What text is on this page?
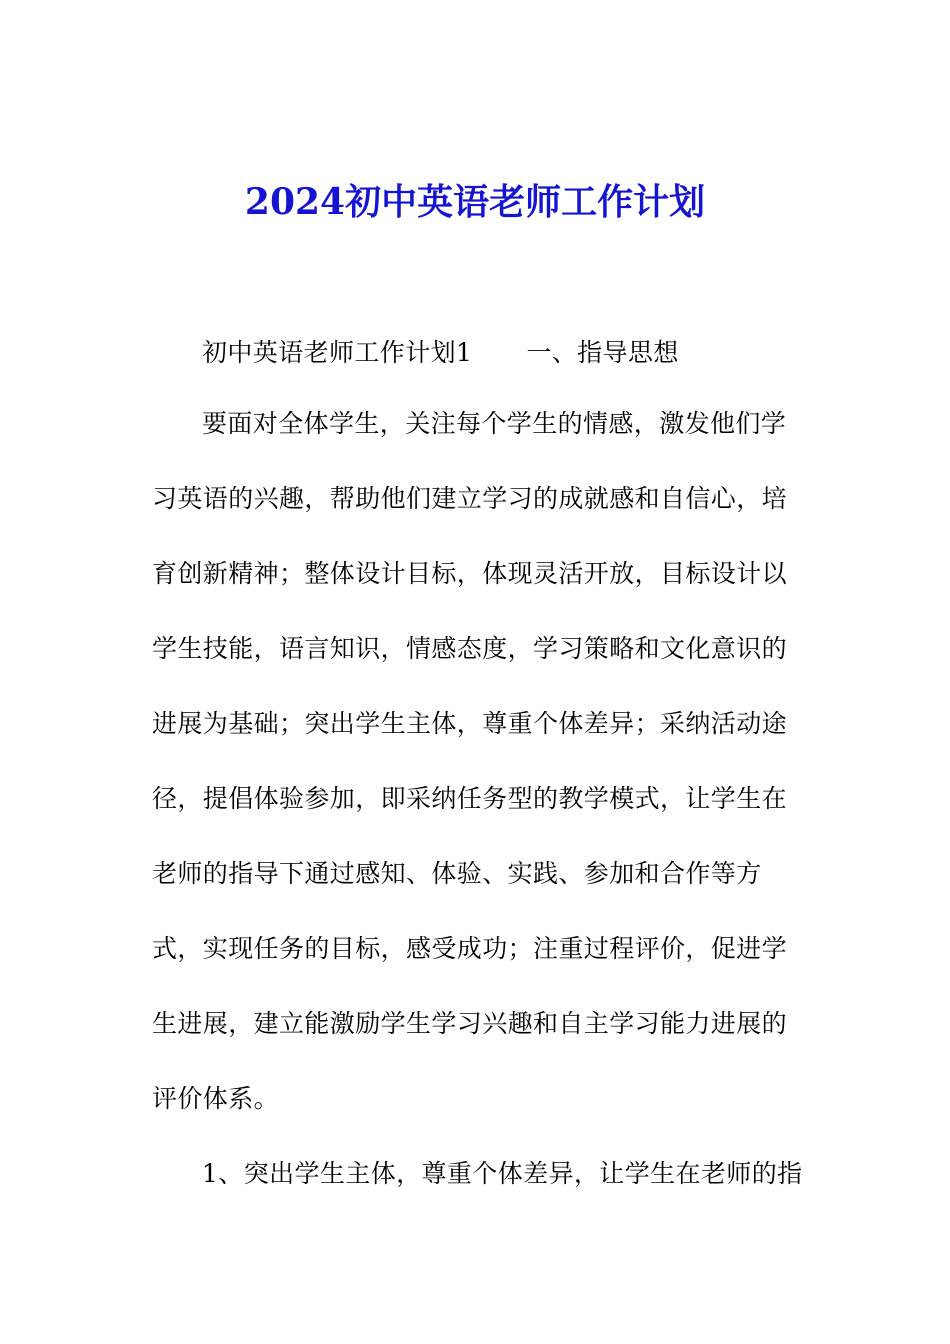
2024初中英语老师工作计划
初中英语老师工作计划1 一、指导思想
要面对全体学生，关注每个学生的情感，激发他们学
习英语的兴趣，帮助他们建立学习的成就感和自信心，培
育创新精神；整体设计目标，体现灵活开放，目标设计以
学生技能，语言知识，情感态度，学习策略和文化意识的
进展为基础；突出学生主体，尊重个体差异；采纳活动途
径，提倡体验参加，即采纳任务型的教学模式，让学生在
老师的指导下通过感知、体验、实践、参加和合作等方
式，实现任务的目标，感受成功；注重过程评价，促进学
生进展，建立能激励学生学习兴趣和自主学习能力进展的
评价体系。
1、突出学生主体，尊重个体差异，让学生在老师的指
